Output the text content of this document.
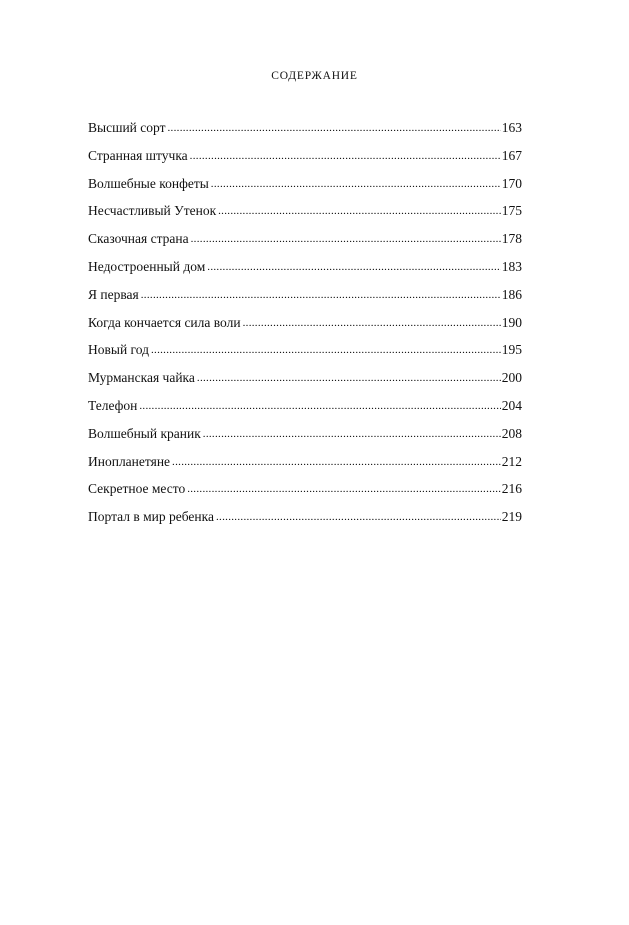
СОДЕРЖАНИЕ
Высший сорт .....	163
Странная штучка .....	167
Волшебные конфеты .....	170
Несчастливый Утенок .....	175
Сказочная страна .....	178
Недостроенный дом .....	183
Я первая .....	186
Когда кончается сила воли .....	190
Новый год .....	195
Мурманская чайка .....	200
Телефон .....	204
Волшебный краник .....	208
Инопланетяне .....	212
Секретное место .....	216
Портал в мир ребенка .....	219
